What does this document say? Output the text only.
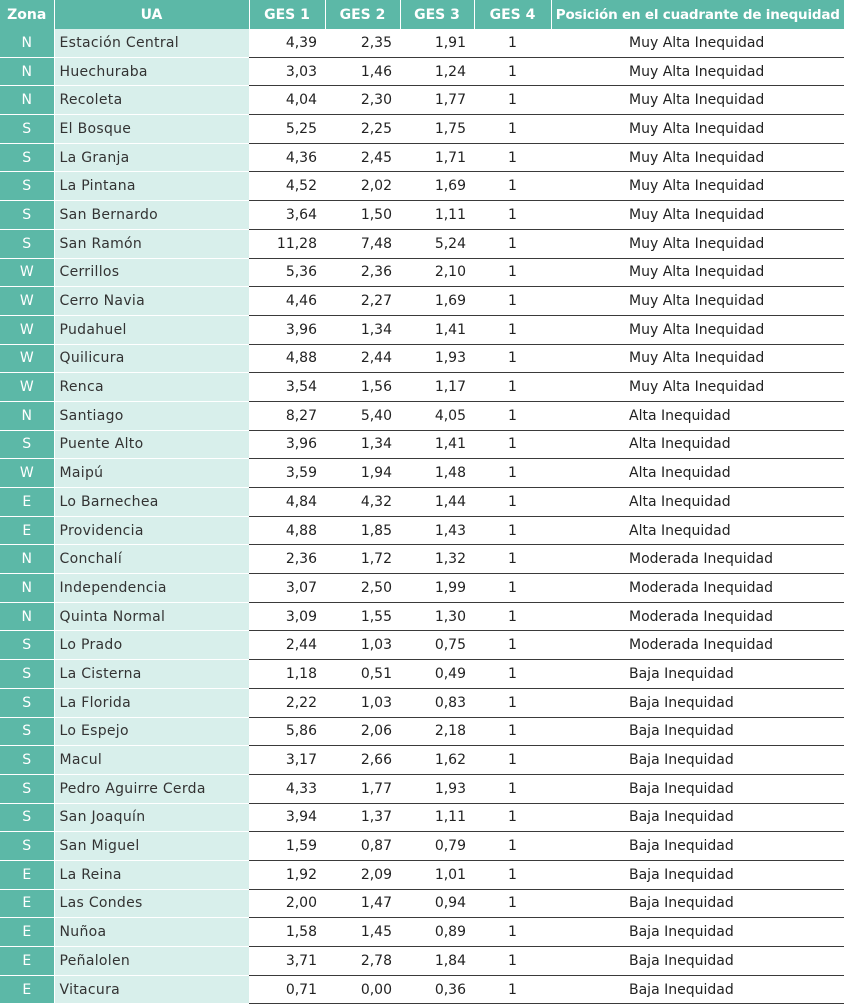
Zona	UA	GES 1	GES 2	GES 3	GES 4	Posición en el cuadrante de inequidad
N	Estación Central	4,39	2,35	1,91	1	Muy Alta Inequidad
N	Huechuraba	3,03	1,46	1,24	1	Muy Alta Inequidad
N	Recoleta	4,04	2,30	1,77	1	Muy Alta Inequidad
S	El Bosque	5,25	2,25	1,75	1	Muy Alta Inequidad
S	La Granja	4,36	2,45	1,71	1	Muy Alta Inequidad
S	La Pintana	4,52	2,02	1,69	1	Muy Alta Inequidad
S	San Bernardo	3,64	1,50	1,11	1	Muy Alta Inequidad
S	San Ramón	11,28	7,48	5,24	1	Muy Alta Inequidad
W	Cerrillos	5,36	2,36	2,10	1	Muy Alta Inequidad
W	Cerro Navia	4,46	2,27	1,69	1	Muy Alta Inequidad
W	Pudahuel	3,96	1,34	1,41	1	Muy Alta Inequidad
W	Quilicura	4,88	2,44	1,93	1	Muy Alta Inequidad
W	Renca	3,54	1,56	1,17	1	Muy Alta Inequidad
N	Santiago	8,27	5,40	4,05	1	Alta Inequidad
S	Puente Alto	3,96	1,34	1,41	1	Alta Inequidad
W	Maipú	3,59	1,94	1,48	1	Alta Inequidad
E	Lo Barnechea	4,84	4,32	1,44	1	Alta Inequidad
E	Providencia	4,88	1,85	1,43	1	Alta Inequidad
N	Conchalí	2,36	1,72	1,32	1	Moderada Inequidad
N	Independencia	3,07	2,50	1,99	1	Moderada Inequidad
N	Quinta Normal	3,09	1,55	1,30	1	Moderada Inequidad
S	Lo Prado	2,44	1,03	0,75	1	Moderada Inequidad
S	La Cisterna	1,18	0,51	0,49	1	Baja Inequidad
S	La Florida	2,22	1,03	0,83	1	Baja Inequidad
S	Lo Espejo	5,86	2,06	2,18	1	Baja Inequidad
S	Macul	3,17	2,66	1,62	1	Baja Inequidad
S	Pedro Aguirre Cerda	4,33	1,77	1,93	1	Baja Inequidad
S	San Joaquín	3,94	1,37	1,11	1	Baja Inequidad
S	San Miguel	1,59	0,87	0,79	1	Baja Inequidad
E	La Reina	1,92	2,09	1,01	1	Baja Inequidad
E	Las Condes	2,00	1,47	0,94	1	Baja Inequidad
E	Nuñoa	1,58	1,45	0,89	1	Baja Inequidad
E	Peñalolen	3,71	2,78	1,84	1	Baja Inequidad
E	Vitacura	0,71	0,00	0,36	1	Baja Inequidad
